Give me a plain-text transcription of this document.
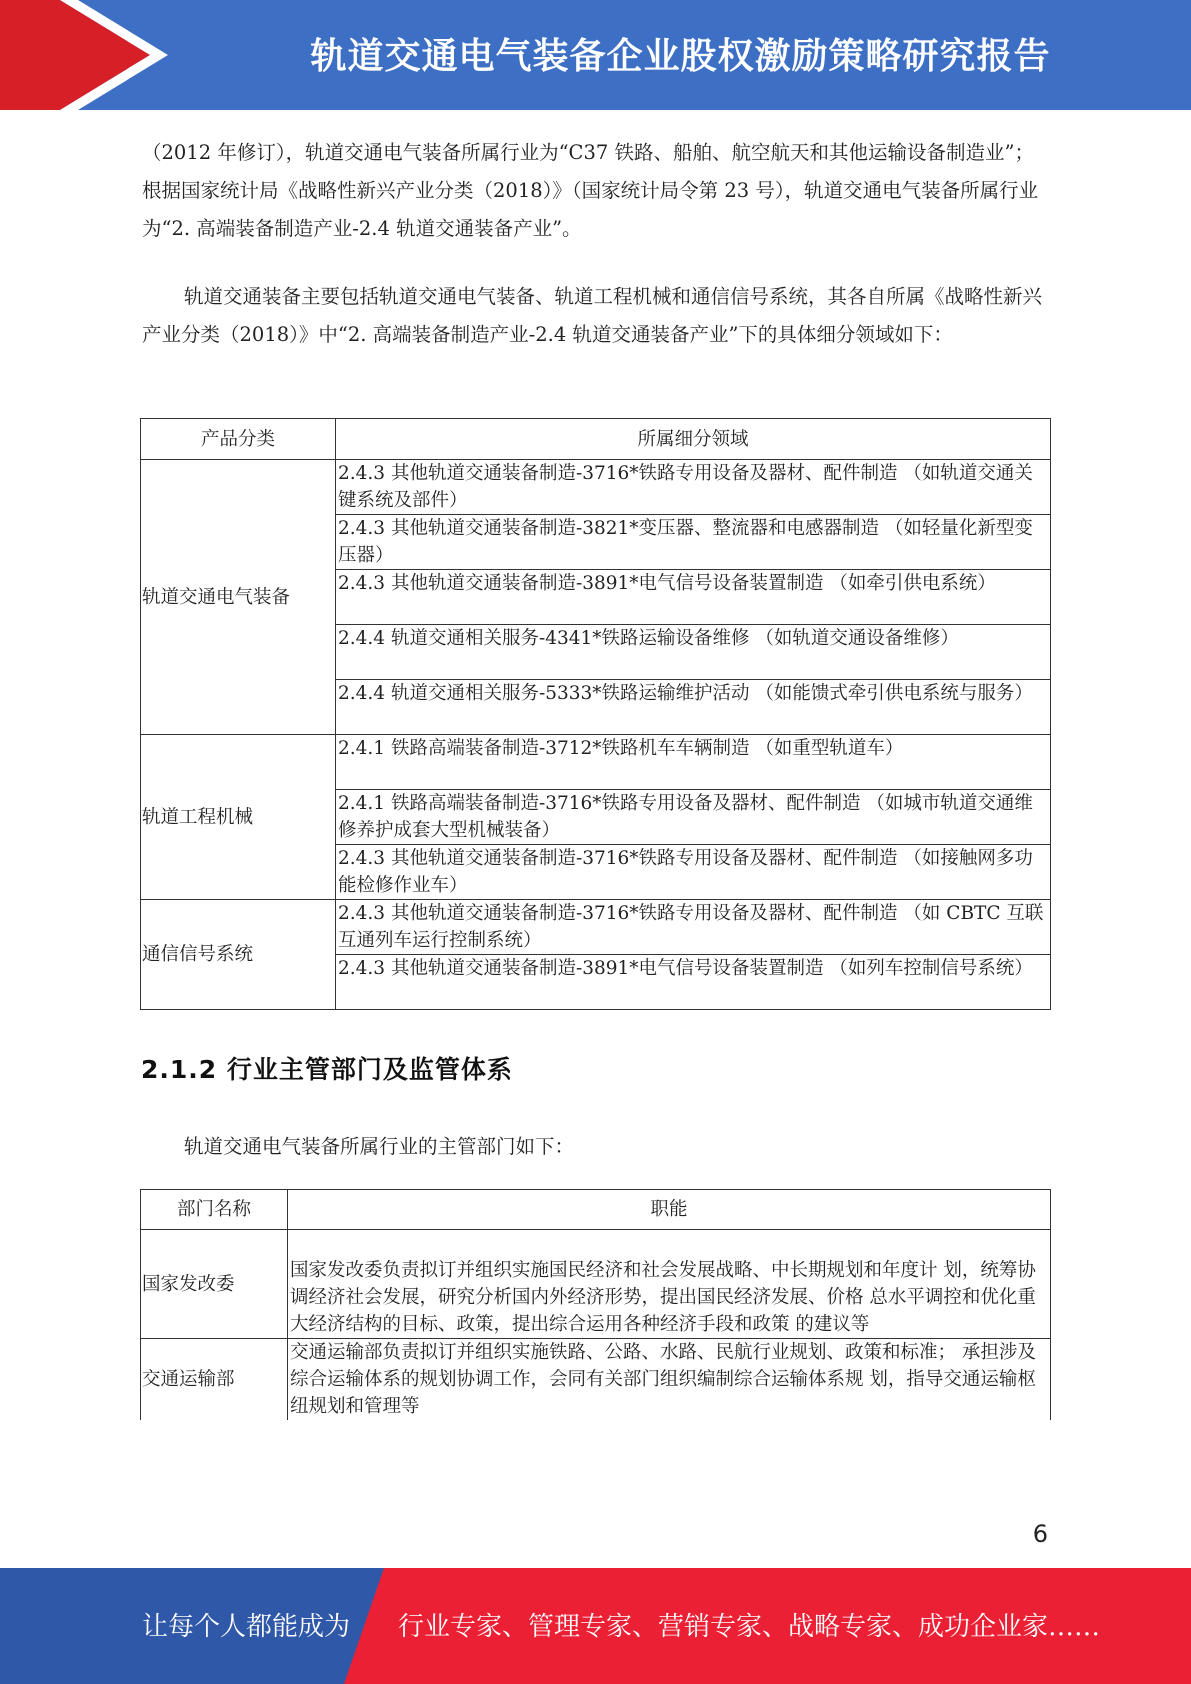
轨道交通电气装备企业股权激励策略研究报告

（2012 年修订），轨道交通电气装备所属行业为“C37 铁路、船舶、航空航天和其他运输设备制造业”；根据国家统计局《战略性新兴产业分类（2018）》（国家统计局令第 23 号），轨道交通电气装备所属行业为“2. 高端装备制造产业-2.4 轨道交通装备产业”。

轨道交通装备主要包括轨道交通电气装备、轨道工程机械和通信信号系统，其各自所属《战略性新兴产业分类（2018）》中“2. 高端装备制造产业-2.4 轨道交通装备产业”下的具体细分领域如下：

产品分类	所属细分领域
轨道交通电气装备	2.4.3 其他轨道交通装备制造-3716*铁路专用设备及器材、配件制造 （如轨道交通关键系统及部件）
	2.4.3 其他轨道交通装备制造-3821*变压器、整流器和电感器制造 （如轻量化新型变压器）
	2.4.3 其他轨道交通装备制造-3891*电气信号设备装置制造 （如牵引供电系统）
	2.4.4 轨道交通相关服务-4341*铁路运输设备维修 （如轨道交通设备维修）
	2.4.4 轨道交通相关服务-5333*铁路运输维护活动 （如能馈式牵引供电系统与服务）
轨道工程机械	2.4.1 铁路高端装备制造-3712*铁路机车车辆制造 （如重型轨道车）
	2.4.1 铁路高端装备制造-3716*铁路专用设备及器材、配件制造 （如城市轨道交通维修养护成套大型机械装备）
	2.4.3 其他轨道交通装备制造-3716*铁路专用设备及器材、配件制造 （如接触网多功能检修作业车）
通信信号系统	2.4.3 其他轨道交通装备制造-3716*铁路专用设备及器材、配件制造 （如 CBTC 互联互通列车运行控制系统）
	2.4.3 其他轨道交通装备制造-3891*电气信号设备装置制造 （如列车控制信号系统）
2.1.2 行业主管部门及监管体系

轨道交通电气装备所属行业的主管部门如下：

部门名称	职能
国家发改委	国家发改委负责拟订并组织实施国民经济和社会发展战略、中长期规划和年度计 划，统筹协调经济社会发展，研究分析国内外经济形势，提出国民经济发展、价格 总水平调控和优化重大经济结构的目标、政策，提出综合运用各种经济手段和政策 的建议等
交通运输部	交通运输部负责拟订并组织实施铁路、公路、水路、民航行业规划、政策和标准； 承担涉及综合运输体系的规划协调工作，会同有关部门组织编制综合运输体系规 划，指导交通运输枢纽规划和管理等
6
让每个人都能成为 行业专家、管理专家、营销专家、战略专家、成功企业家……
